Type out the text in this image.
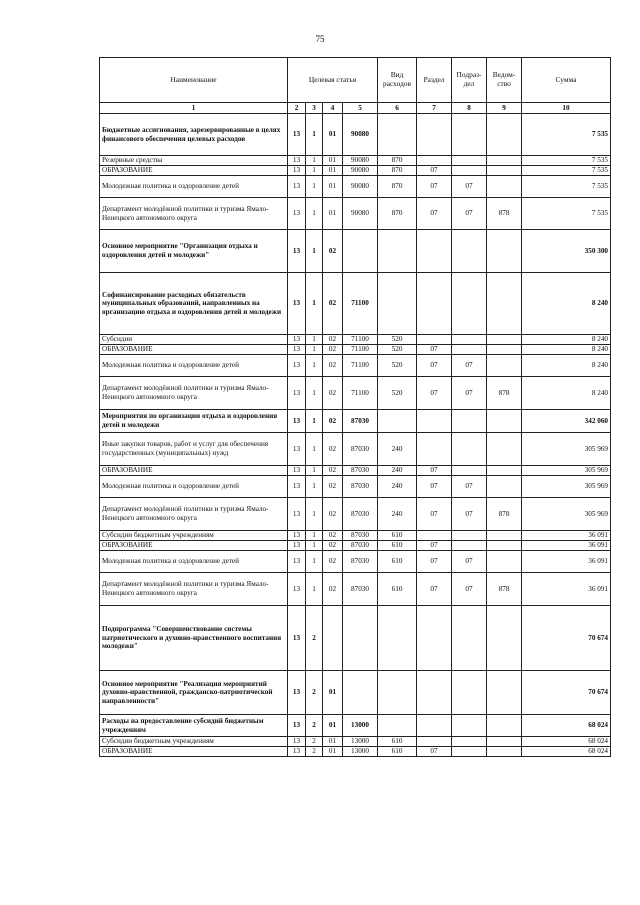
75
Наименование	Целевая статья				Вид расходов	Раздел	Подраз-дел	Ведом-ство	Сумма
1	2	3	4	5	6	7	8	9	10
Бюджетные ассигнования, зарезервированные в целях финансового обеспечения целевых расходов	13	1	01	90080					7 535
Резервные средства	13	1	01	90080	870				7 535
ОБРАЗОВАНИЕ	13	1	01	90080	870	07			7 535
Молодежная политика и оздоровление детей	13	1	01	90080	870	07	07		7 535
Департамент молодёжной политики и туризма Ямало-Ненецкого автономного округа	13	1	01	90080	870	07	07	878	7 535
Основное мероприятие "Организация отдыха и оздоровления детей и молодежи"	13	1	02						350 300
Софинансирование расходных обязательств муниципальных образований, направленных на организацию отдыха и оздоровления детей и молодежи	13	1	02	71100					8 240
Субсидии	13	1	02	71100	520				8 240
ОБРАЗОВАНИЕ	13	1	02	71100	520	07			8 240
Молодежная политика и оздоровление детей	13	1	02	71100	520	07	07		8 240
Департамент молодёжной политики и туризма Ямало-Ненецкого автономного округа	13	1	02	71100	520	07	07	878	8 240
Мероприятия по организации отдыха и оздоровления детей и молодежи	13	1	02	87030					342 060
Иные закупки товаров, работ и услуг для обеспечения государственных (муниципальных) нужд	13	1	02	87030	240				305 969
ОБРАЗОВАНИЕ	13	1	02	87030	240	07			305 969
Молодежная политика и оздоровление детей	13	1	02	87030	240	07	07		305 969
Департамент молодёжной политики и туризма Ямало-Ненецкого автономного округа	13	1	02	87030	240	07	07	878	305 969
Субсидии бюджетным учреждениям	13	1	02	87030	610				36 091
ОБРАЗОВАНИЕ	13	1	02	87030	610	07			36 091
Молодежная политика и оздоровление детей	13	1	02	87030	610	07	07		36 091
Департамент молодёжной политики и туризма Ямало-Ненецкого автономного округа	13	1	02	87030	610	07	07	878	36 091
Подпрограмма "Совершенствование системы патриотического и духовно-нравственного воспитания молодежи"	13	2							70 674
Основное мероприятие "Реализация мероприятий духовно-нравственной, гражданско-патриотической направленности"	13	2	01						70 674
Расходы на предоставление субсидий бюджетным учреждениям	13	2	01	13000					68 024
Субсидии бюджетным учреждениям	13	2	01	13000	610				68 024
ОБРАЗОВАНИЕ	13	2	01	13000	610	07			68 024
